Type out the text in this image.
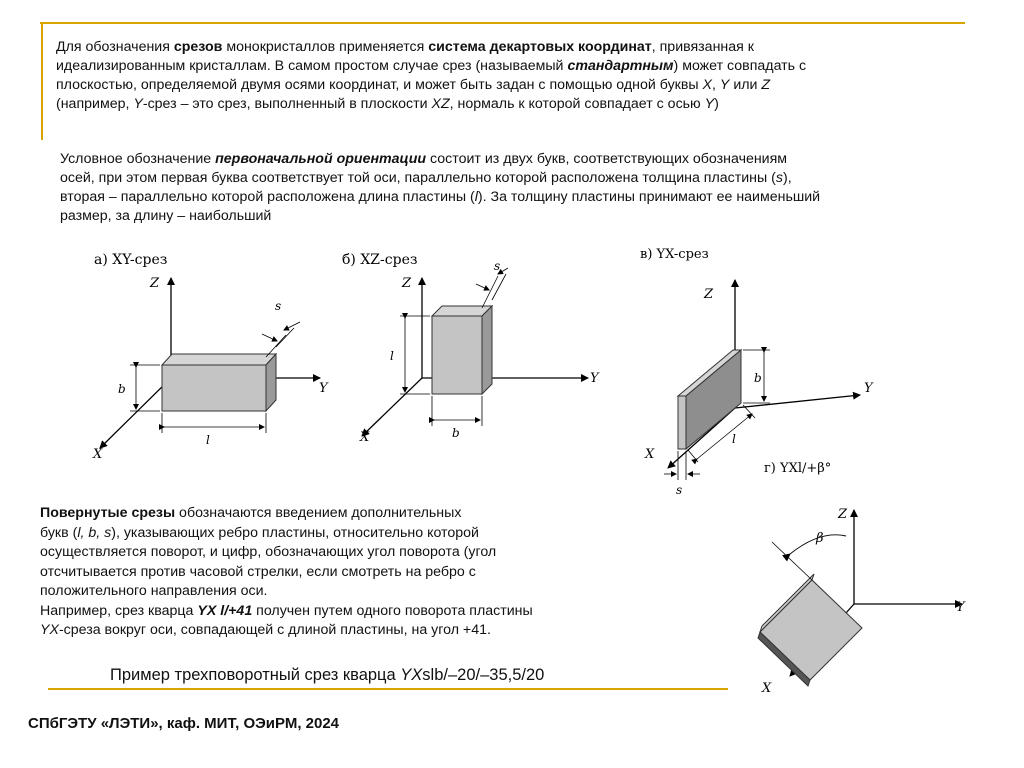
Для обозначения срезов монокристаллов применяется система декартовых координат, привязанная к
идеализированным кристаллам. В самом простом случае срез (называемый стандартным) может совпадать с
плоскостью, определяемой двумя осями координат, и может быть задан с помощью одной буквы X, Y или Z
(например, Y-срез – это срез, выполненный в плоскости XZ, нормаль к которой совпадает с осью Y)
Условное обозначение первоначальной ориентации состоит из двух букв, соответствующих обозначениям
осей, при этом первая буква соответствует той оси, параллельно которой расположена толщина пластины (s),
вторая – параллельно которой расположена длина пластины (l). За толщину пластины принимают ее наименьший
размер, за длину – наибольший
а) XY-срез
b
l
s
Z
Y
X
б) XZ-срез
l
b
s
Z
Y
X
в) YX-срез
b
l
s
Z
Y
X
г) YXl/+β°
β
Z
Y
X
Повернутые срезы обозначаются введением дополнительных
букв (l, b, s), указывающих ребро пластины, относительно которой
осуществляется поворот, и цифр, обозначающих угол поворота (угол
отсчитывается против часовой стрелки, если смотреть на ребро с
положительного направления оси.
Например, срез кварца YX l/+41 получен путем одного поворота пластины
YX-среза вокруг оси, совпадающей с длиной пластины, на угол +41.
Пример трехповоротный срез кварца YXslb/–20/–35,5/20
СПбГЭТУ «ЛЭТИ», каф. МИТ, ОЭиРМ, 2024
